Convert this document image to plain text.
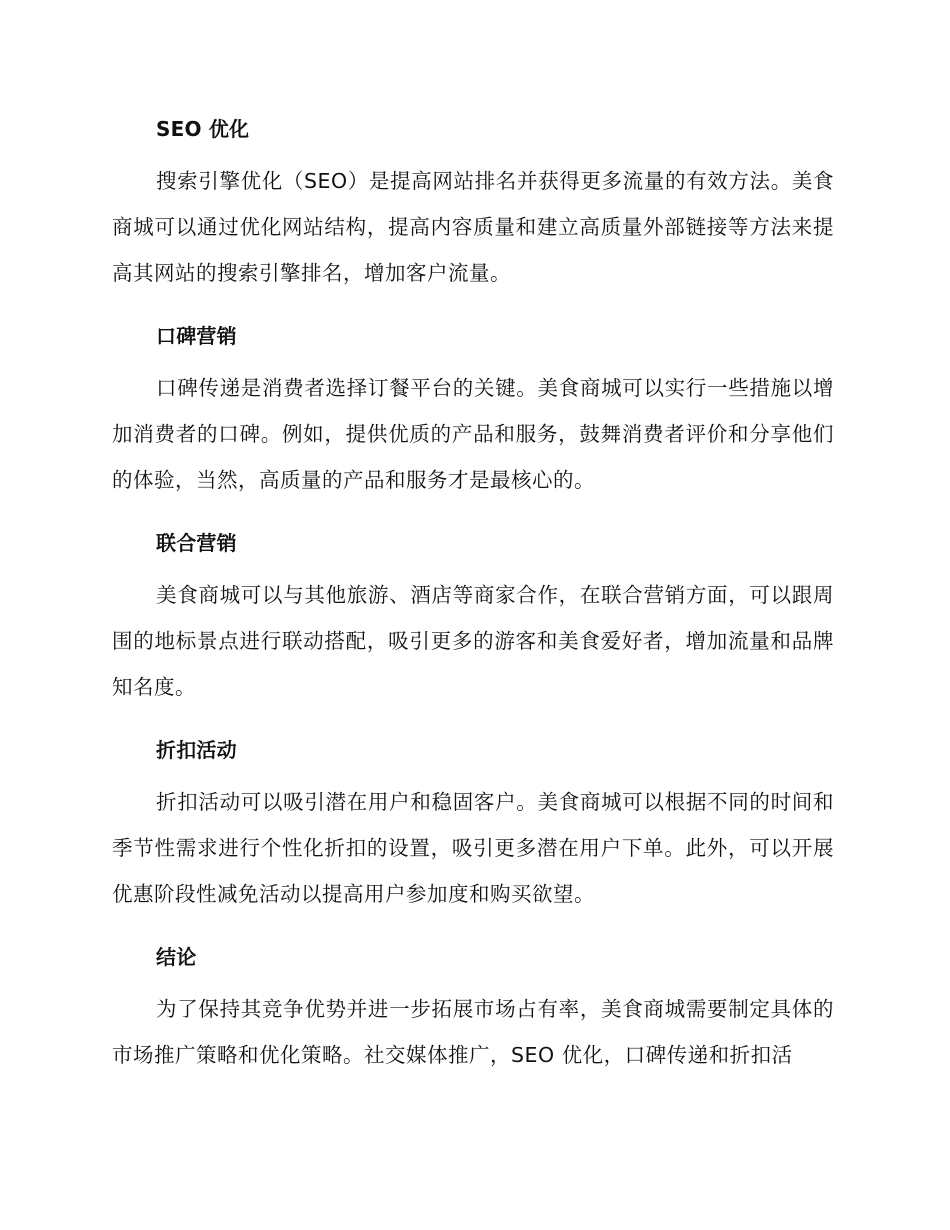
SEO 优化

搜索引擎优化（SEO）是提高网站排名并获得更多流量的有效方法。美食商城可以通过优化网站结构，提高内容质量和建立高质量外部链接等方法来提高其网站的搜索引擎排名，增加客户流量。

口碑营销

口碑传递是消费者选择订餐平台的关键。美食商城可以实行一些措施以增加消费者的口碑。例如，提供优质的产品和服务，鼓舞消费者评价和分享他们的体验，当然，高质量的产品和服务才是最核心的。

联合营销

美食商城可以与其他旅游、酒店等商家合作，在联合营销方面，可以跟周围的地标景点进行联动搭配，吸引更多的游客和美食爱好者，增加流量和品牌知名度。

折扣活动

折扣活动可以吸引潜在用户和稳固客户。美食商城可以根据不同的时间和季节性需求进行个性化折扣的设置，吸引更多潜在用户下单。此外，可以开展优惠阶段性减免活动以提高用户参加度和购买欲望。

结论

为了保持其竞争优势并进一步拓展市场占有率，美食商城需要制定具体的市场推广策略和优化策略。社交媒体推广，SEO 优化，口碑传递和折扣活
